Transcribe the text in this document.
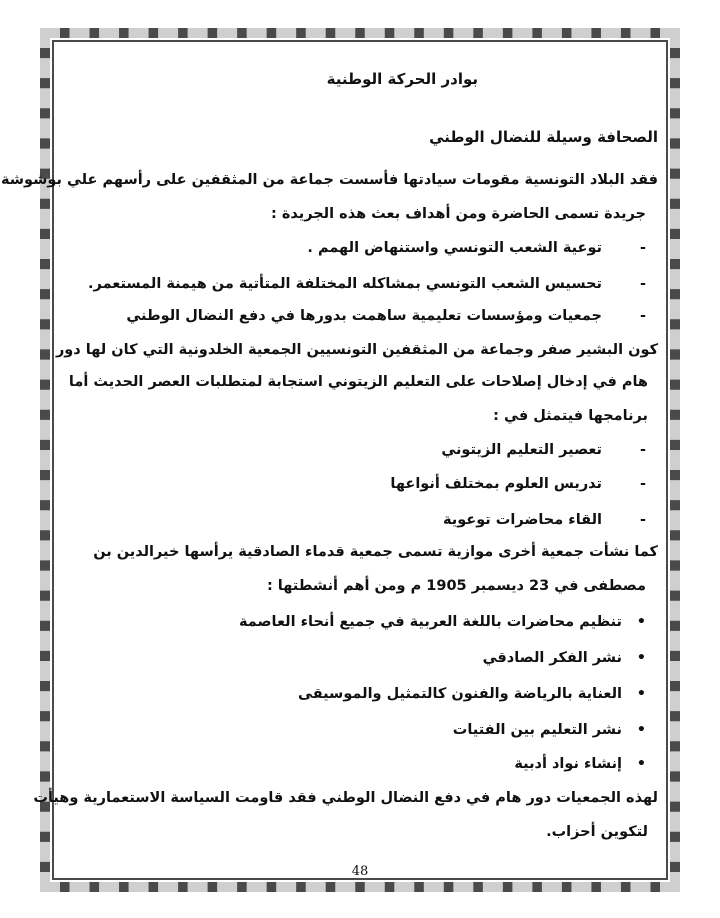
بوادر الحركة الوطنية
الصحافة وسيلة للنضال الوطني
فقد البلاد التونسية مقومات سيادتها فأسست جماعة من المثقفين على رأسهم علي بوشوشة
جريدة تسمى الحاضرة ومن أهداف بعث هذه الجريدة :
-
توعية الشعب التونسي واستنهاض الهمم .
-
تحسيس الشعب التونسي بمشاكله المختلفة المتأتية من هيمنة المستعمر.
-
جمعيات ومؤسسات تعليمية ساهمت بدورها في دفع النضال الوطني
كون البشير صفر وجماعة من المثقفين التونسيين الجمعية الخلدونية التي كان لها دور
هام في إدخال إصلاحات على التعليم الزيتوني استجابة لمتطلبات العصر الحديث أما
برنامجها فيتمثل في :
-
تعصير التعليم الزيتوني
-
تدريس العلوم بمختلف أنواعها
-
القاء محاضرات توعوية
كما نشأت جمعية أخرى موازية تسمى جمعية قدماء الصادقية يرأسها خيرالدين بن
مصطفى في 23 ديسمبر 1905 م ومن أهم أنشطتها :
•
تنظيم محاضرات باللغة العربية في جميع أنحاء العاصمة
•
نشر الفكر الصادقي
•
العناية بالرياضة والفنون كالتمثيل والموسيقى
•
نشر التعليم بين الفتيات
•
إنشاء نواد أدبية
لهذه الجمعيات دور هام في دفع النضال الوطني فقد قاومت السياسة الاستعمارية وهيأت
لتكوين أحزاب.
48
